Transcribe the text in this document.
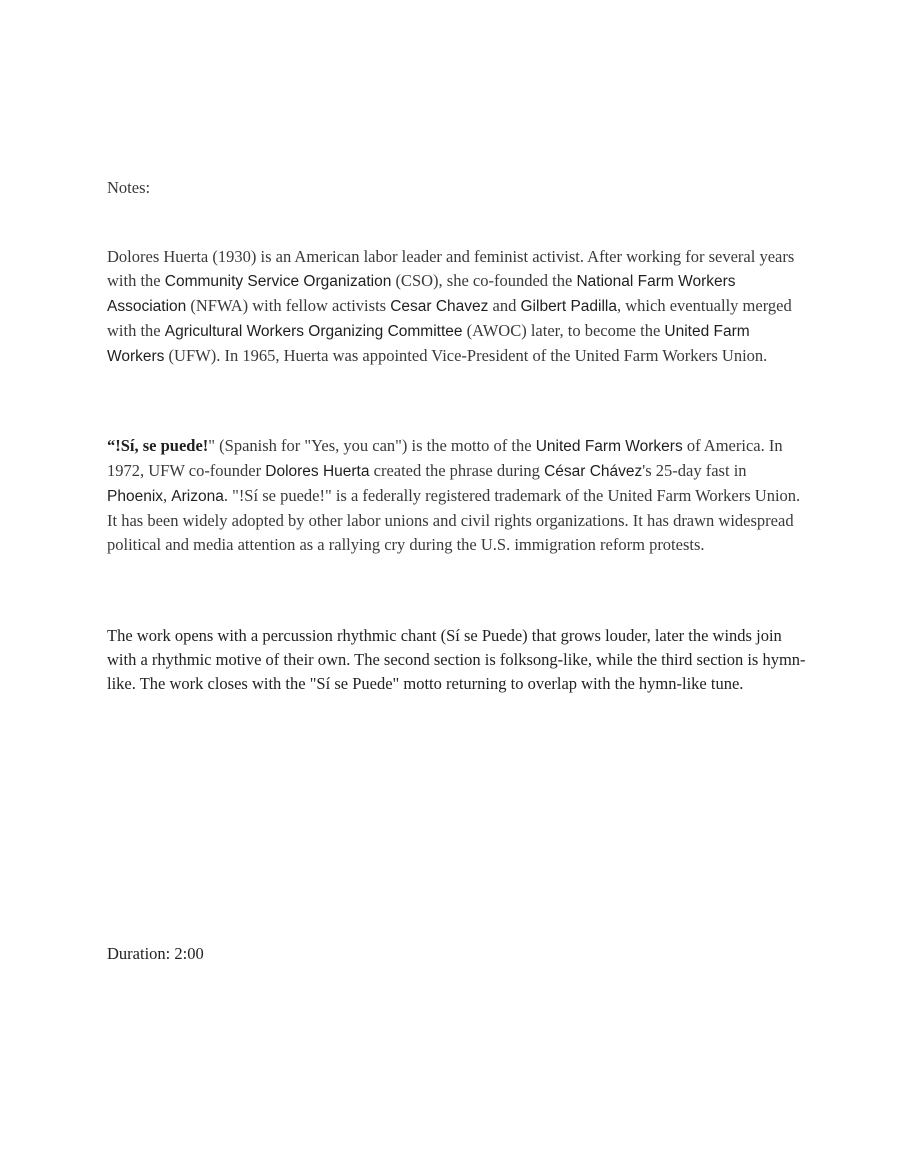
Notes:

Dolores Huerta (1930) is an American labor leader and feminist activist. After working for several years with the Community Service Organization (CSO), she co-founded the National Farm Workers Association (NFWA) with fellow activists Cesar Chavez and Gilbert Padilla, which eventually merged with the Agricultural Workers Organizing Committee (AWOC) later, to become the United Farm Workers (UFW). In 1965, Huerta was appointed Vice-President of the United Farm Workers Union.

“!Sí, se puede!" (Spanish for "Yes, you can") is the motto of the United Farm Workers of America. In 1972, UFW co-founder Dolores Huerta created the phrase during César Chávez's 25-day fast in Phoenix, Arizona. "!Sí se puede!" is a federally registered trademark of the United Farm Workers Union. It has been widely adopted by other labor unions and civil rights organizations. It has drawn widespread political and media attention as a rallying cry during the U.S. immigration reform protests.

The work opens with a percussion rhythmic chant (Sí se Puede) that grows louder, later the winds join with a rhythmic motive of their own. The second section is folksong-like, while the third section is hymn-like. The work closes with the "Sí se Puede" motto returning to overlap with the hymn-like tune.

Duration: 2:00
